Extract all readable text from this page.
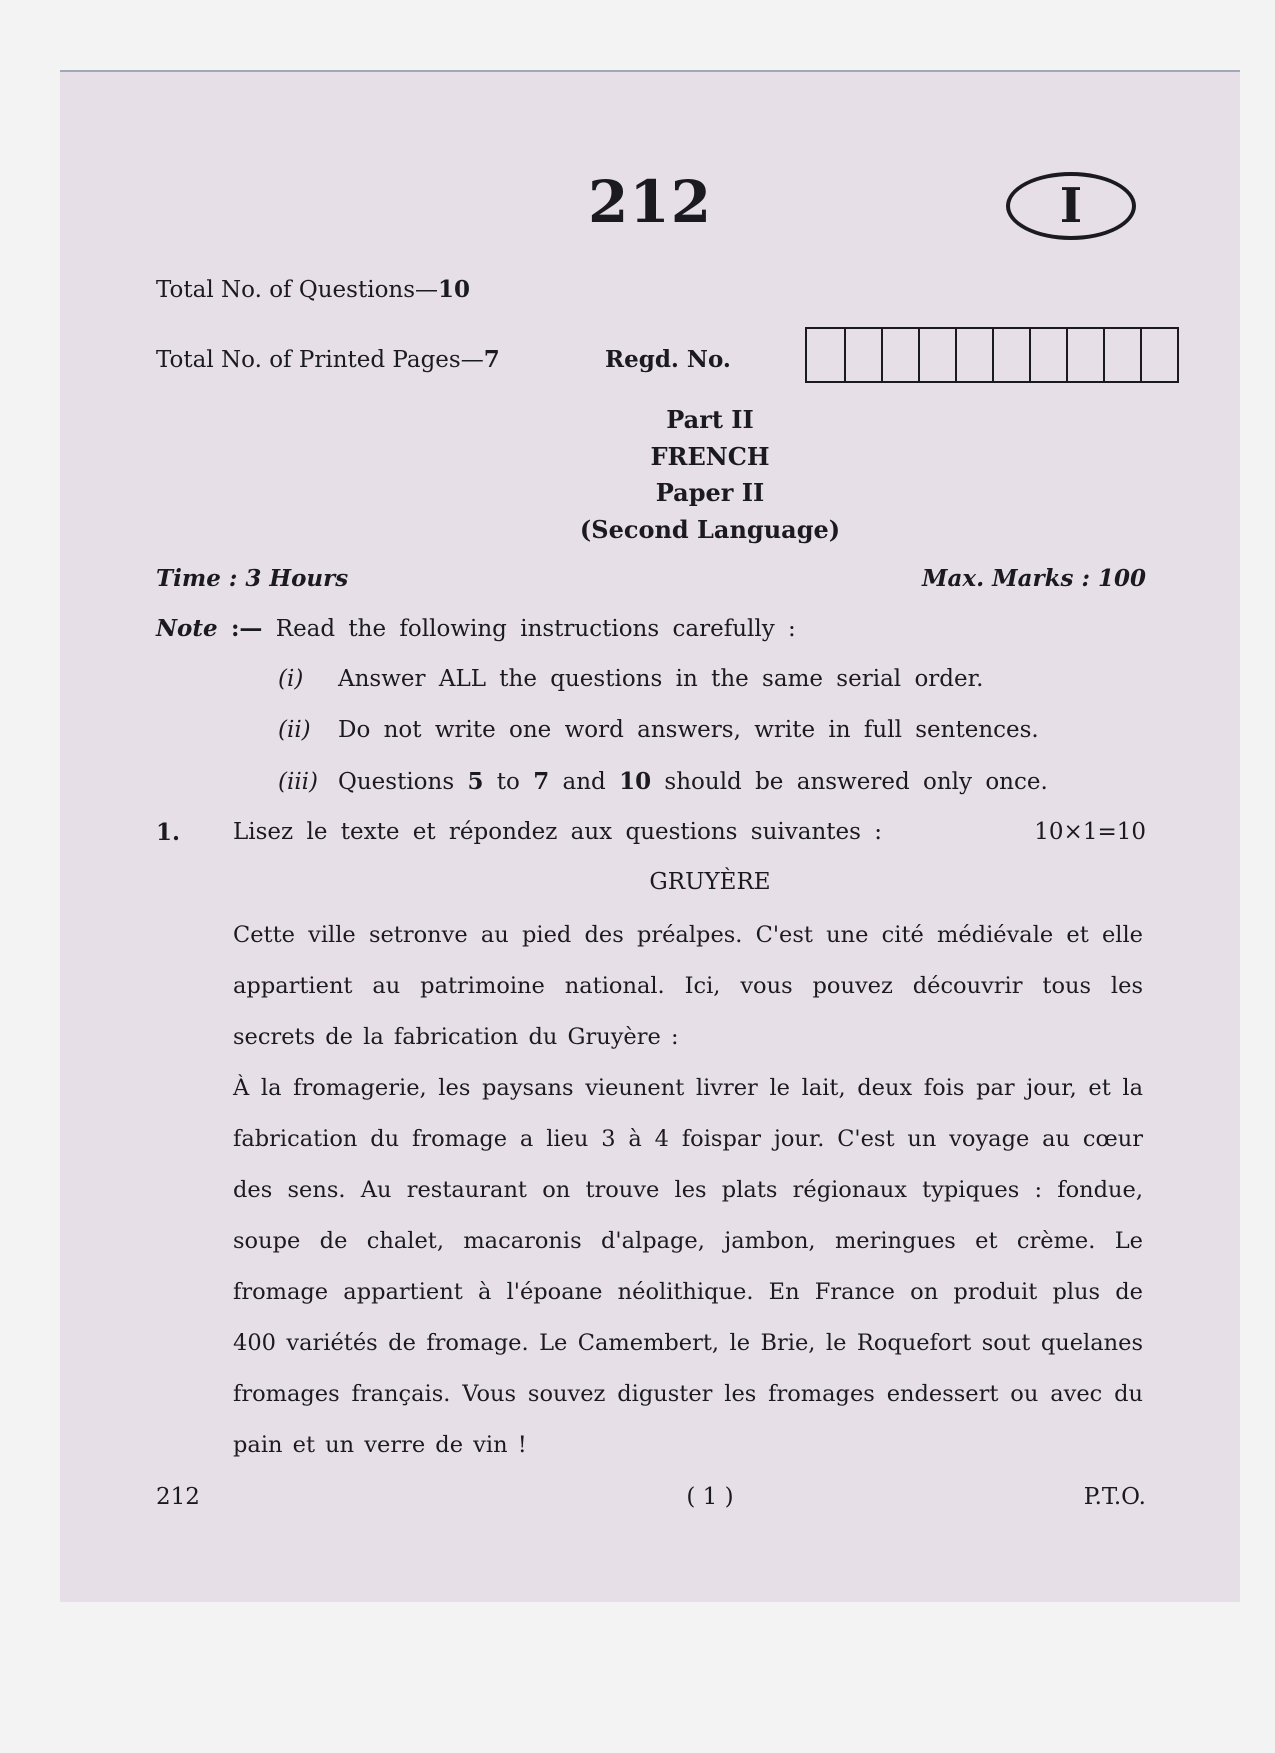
212	I
Total No. of Questions—10
Total No. of Printed Pages—7	Regd. No.
Part II
FRENCH
Paper II
(Second Language)
Time : 3 Hours	Max. Marks : 100
Note :— Read the following instructions carefully :
(i) Answer ALL the questions in the same serial order.
(ii) Do not write one word answers, write in full sentences.
(iii) Questions 5 to 7 and 10 should be answered only once.
1. Lisez le texte et répondez aux questions suivantes :	10×1=10
GRUYÈRE

Cette ville setronve au pied des préalpes. C'est une cité médiévale et elle appartient au patrimoine national. Ici, vous pouvez découvrir tous les secrets de la fabrication du Gruyère :

À la fromagerie, les paysans vieunent livrer le lait, deux fois par jour, et la fabrication du fromage a lieu 3 à 4 foispar jour. C'est un voyage au cœur des sens. Au restaurant on trouve les plats régionaux typiques : fondue, soupe de chalet, macaronis d'alpage, jambon, meringues et crème. Le fromage appartient à l'époane néolithique. En France on produit plus de 400 variétés de fromage. Le Camembert, le Brie, le Roquefort sout quelanes fromages français. Vous souvez diguster les fromages endessert ou avec du pain et un verre de vin !

212	( 1 )	P.T.O.
